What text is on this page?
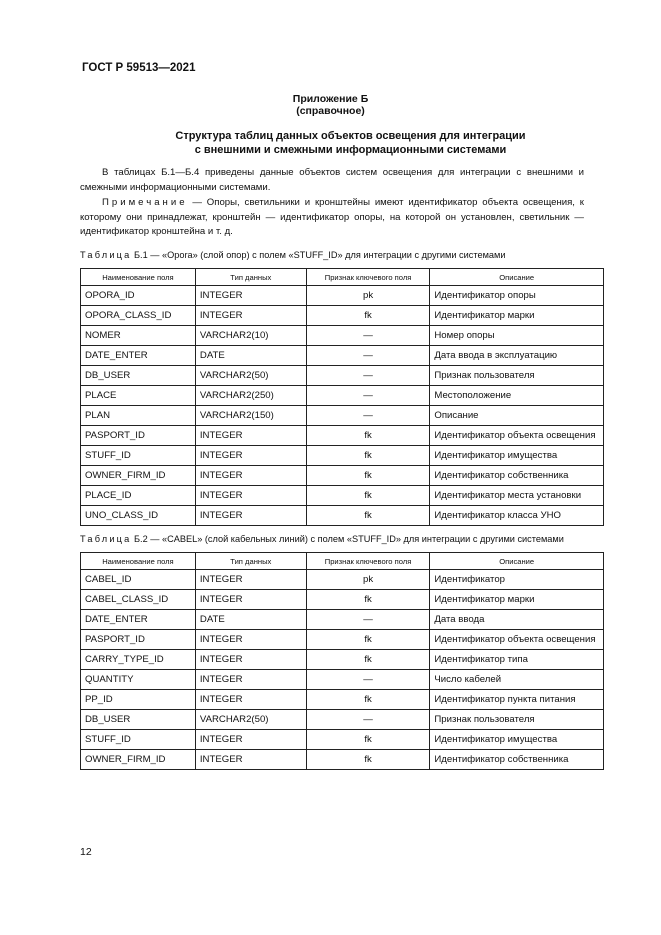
ГОСТ Р 59513—2021
Приложение Б
(справочное)
Структура таблиц данных объектов освещения для интеграции
с внешними и смежными информационными системами

В таблицах Б.1—Б.4 приведены данные объектов систем освещения для интеграции с внешними и смежными информационными системами.

Примечание — Опоры, светильники и кронштейны имеют идентификатор объекта освещения, к которому они принадлежат, кронштейн — идентификатор опоры, на которой он установлен, светильник — идентификатор кронштейна и т. д.

Таблица Б.1 — «Opora» (слой опор) с полем «STUFF_ID» для интеграции с другими системами
Наименование поля	Тип данных	Признак ключевого поля	Описание
OPORA_ID	INTEGER	pk	Идентификатор опоры
OPORA_CLASS_ID	INTEGER	fk	Идентификатор марки
NOMER	VARCHAR2(10)	—	Номер опоры
DATE_ENTER	DATE	—	Дата ввода в эксплуатацию
DB_USER	VARCHAR2(50)	—	Признак пользователя
PLACE	VARCHAR2(250)	—	Местоположение
PLAN	VARCHAR2(150)	—	Описание
PASPORT_ID	INTEGER	fk	Идентификатор объекта освещения
STUFF_ID	INTEGER	fk	Идентификатор имущества
OWNER_FIRM_ID	INTEGER	fk	Идентификатор собственника
PLACE_ID	INTEGER	fk	Идентификатор места установки
UNO_CLASS_ID	INTEGER	fk	Идентификатор класса УНО
Таблица Б.2 — «CABEL» (слой кабельных линий) с полем «STUFF_ID» для интеграции с другими системами
Наименование поля	Тип данных	Признак ключевого поля	Описание
CABEL_ID	INTEGER	pk	Идентификатор
CABEL_CLASS_ID	INTEGER	fk	Идентификатор марки
DATE_ENTER	DATE	—	Дата ввода
PASPORT_ID	INTEGER	fk	Идентификатор объекта освещения
CARRY_TYPE_ID	INTEGER	fk	Идентификатор типа
QUANTITY	INTEGER	—	Число кабелей
PP_ID	INTEGER	fk	Идентификатор пункта питания
DB_USER	VARCHAR2(50)	—	Признак пользователя
STUFF_ID	INTEGER	fk	Идентификатор имущества
OWNER_FIRM_ID	INTEGER	fk	Идентификатор собственника
12
